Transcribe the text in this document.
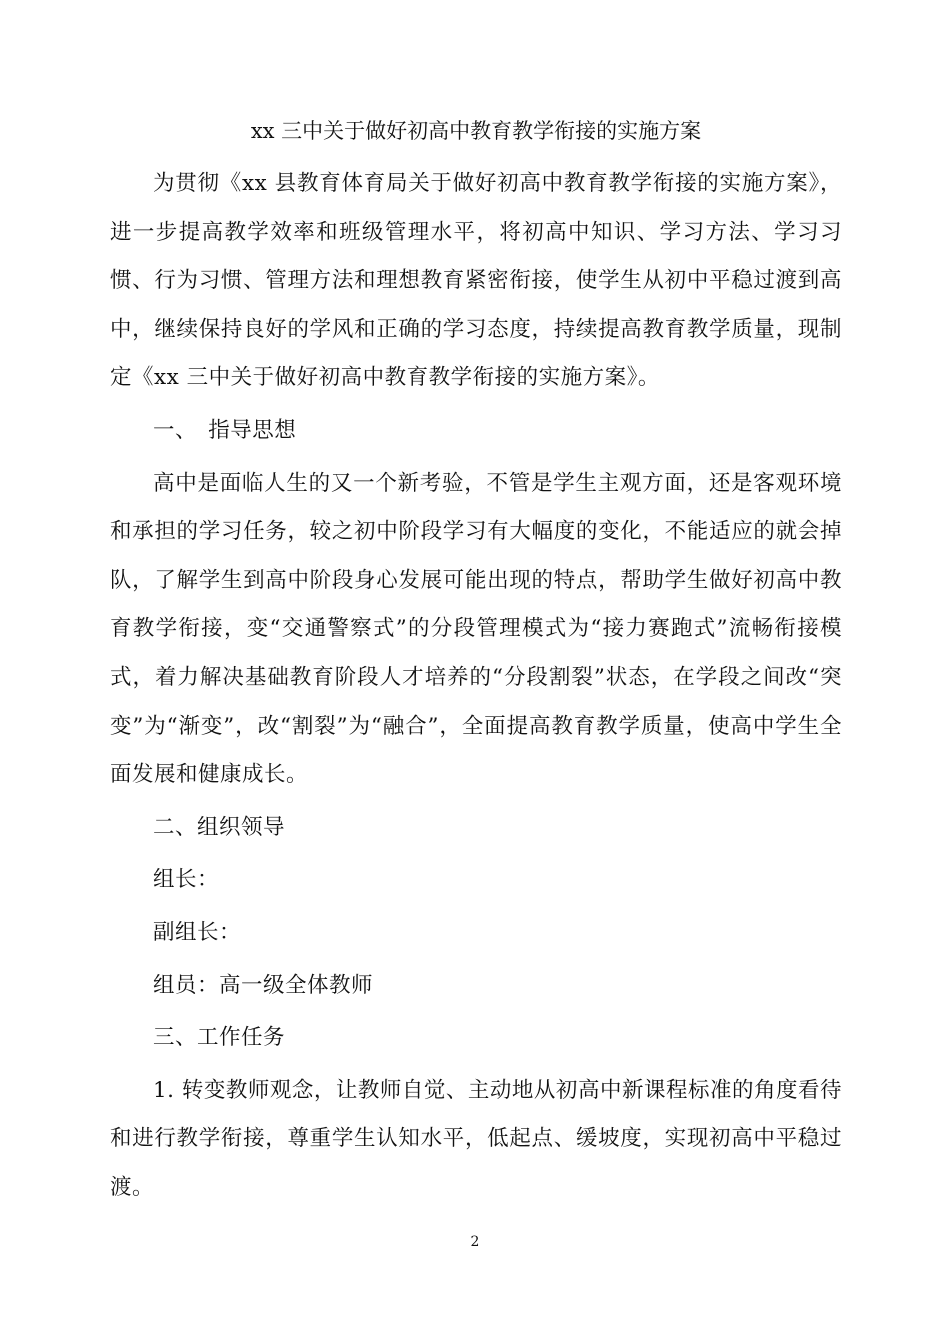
xx 三中关于做好初高中教育教学衔接的实施方案

为贯彻《xx 县教育体育局关于做好初高中教育教学衔接的实施方案》，进一步提高教学效率和班级管理水平，将初高中知识、学习方法、学习习惯、行为习惯、管理方法和理想教育紧密衔接，使学生从初中平稳过渡到高中，继续保持良好的学风和正确的学习态度，持续提高教育教学质量，现制定《xx 三中关于做好初高中教育教学衔接的实施方案》。

一、　指导思想

高中是面临人生的又一个新考验，不管是学生主观方面，还是客观环境和承担的学习任务，较之初中阶段学习有大幅度的变化，不能适应的就会掉队，了解学生到高中阶段身心发展可能出现的特点，帮助学生做好初高中教育教学衔接，变“交通警察式”的分段管理模式为“接力赛跑式”流畅衔接模式，着力解决基础教育阶段人才培养的“分段割裂”状态，在学段之间改“突变”为“渐变”，改“割裂”为“融合”，全面提高教育教学质量，使高中学生全面发展和健康成长。

二、组织领导

组长：

副组长：

组员：高一级全体教师

三、工作任务

1. 转变教师观念，让教师自觉、主动地从初高中新课程标准的角度看待和进行教学衔接，尊重学生认知水平，低起点、缓坡度，实现初高中平稳过渡。

2
